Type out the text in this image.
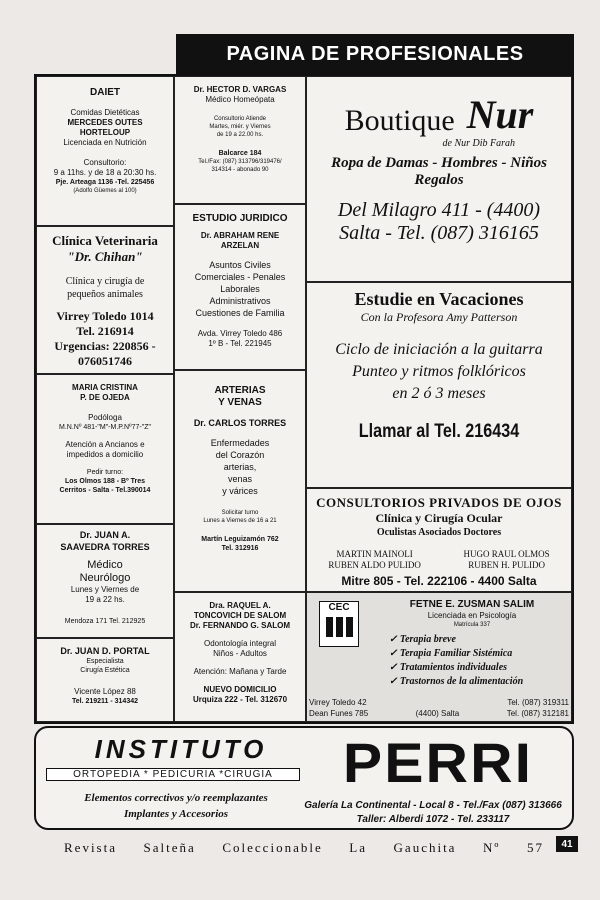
PAGINA DE PROFESIONALES

DAIET

Comidas Dietéticas

MERCEDES OUTES

HORTELOUP

Licenciada en Nutrición

Consultorio:

9 a 11hs. y de 18 a 20:30 hs.

Pje. Arteaga 1136 -Tel. 225456

(Adolfo Güemes al 100)

Dr. HECTOR D. VARGAS

Médico Homeópata

Consultorio Atiende

Martes, miér. y Viernes

de 19 a 22.00 hs.

Balcarce 184

Tel./Fax: (087) 313796/319476/

314314 - abonado 90

Boutique Nur

de Nur Dib Farah

Ropa de Damas - Hombres - Niños

Regalos

Del Milagro 411 - (4400)

Salta - Tel. (087) 316165

Clínica Veterinaria

"Dr. Chihan"

Clínica y cirugía de

pequeños animales

Virrey Toledo 1014

Tel. 216914

Urgencias: 220856 -

076051746

ESTUDIO JURIDICO

Dr. ABRAHAM RENE

ARZELAN

Asuntos Civiles

Comerciales - Penales

Laborales

Administrativos

Cuestiones de Familia

Avda. Virrey Toledo 486

1º B - Tel. 221945

Estudie en Vacaciones

Con la Profesora Amy Patterson

Ciclo de iniciación a la guitarra

Punteo y ritmos folklóricos

en 2 ó 3 meses

Llamar al Tel. 216434

MARIA CRISTINA

P. DE OJEDA

Podóloga

M.N.Nº 481-"M"-M.P.Nº77-"Z"

Atención a Ancianos e

impedidos a domicilio

Pedir turno:

Los Olmos 188 - Bº Tres

Cerritos - Salta - Tel.390014

ARTERIAS

Y VENAS

Dr. CARLOS TORRES

Enfermedades

del Corazón

arterias,

venas

y várices

Solicitar turno

Lunes a Viernes de 16 a 21

Martín Leguizamón 762

Tel. 312916

CONSULTORIOS PRIVADOS DE OJOS

Clínica y Cirugía Ocular

Oculistas Asociados Doctores

MARTIN MAINOLI

RUBEN ALDO PULIDO

HUGO RAUL OLMOS

RUBEN H. PULIDO

Mitre 805 - Tel. 222106 - 4400 Salta

Dr. JUAN A.

SAAVEDRA TORRES

Médico

Neurólogo

Lunes y Viernes de

19 a 22 hs.

Mendoza 171 Tel. 212925

Dra. RAQUEL A.

TONCOVICH DE SALOM

Dr. FERNANDO G. SALOM

Odontología integral

Niños - Adultos

Atención: Mañana y Tarde

NUEVO DOMICILIO

Urquiza 222 - Tel. 312670

Dr. JUAN D. PORTAL

Especialista

Cirugía Estética

Vicente López 88

Tel. 219211 - 314342

CEC	FETNE E. ZUSMAN SALIM

Licenciada en Psicología

Matrícula 337

✓ Terapia breve

✓ Terapia Familiar Sistémica

✓ Tratamientos individuales

✓ Trastornos de la alimentación

Virrey Toledo 42	Tel. (087) 319311
Dean Funes 785	(4400) Salta	Tel. (087) 312181

INSTITUTO

ORTOPEDIA * PEDICURIA *CIRUGIA	PERRI

Elementos correctivos y/o reemplazantes

Implantes y Accesorios

Galería La Continental - Local 8 - Tel./Fax (087) 313666

Taller: Alberdi 1072 - Tel. 233117

Revista Salteña Coleccionable La Gauchita Nº 57	41
